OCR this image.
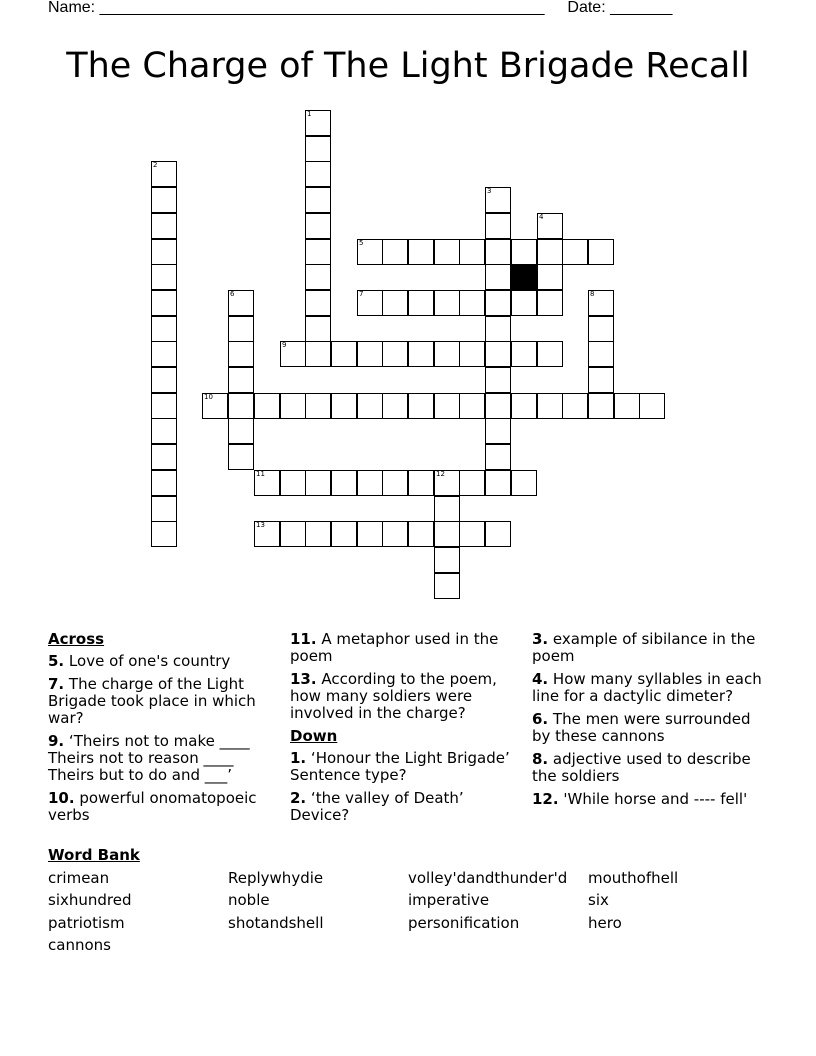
Name: __________________________________________________ Date: _______
The Charge of The Light Brigade Recall
1
2
3
4
5
6	7	8
9
10
11	12
13
Across
5. Love of one's country
7. The charge of the Light Brigade took place in which war?
9. ‘Theirs not to make ____ Theirs not to reason ____ Theirs but to do and ___’
10. powerful onomatopoeic verbs
11. A metaphor used in the poem
13. According to the poem, how many soldiers were involved in the charge?
Down
1. ‘Honour the Light Brigade’ Sentence type?
2. ‘the valley of Death’ Device?
3. example of sibilance in the poem
4. How many syllables in each line for a dactylic dimeter?
6. The men were surrounded by these cannons
8. adjective used to describe the soldiers
12. 'While horse and ---- fell'
Word Bank
crimean	Replywhydie	volley'dandthunder'd mouthofhell
sixhundred	noble	imperative	six
patriotism	shotandshell	personification	hero
cannons
